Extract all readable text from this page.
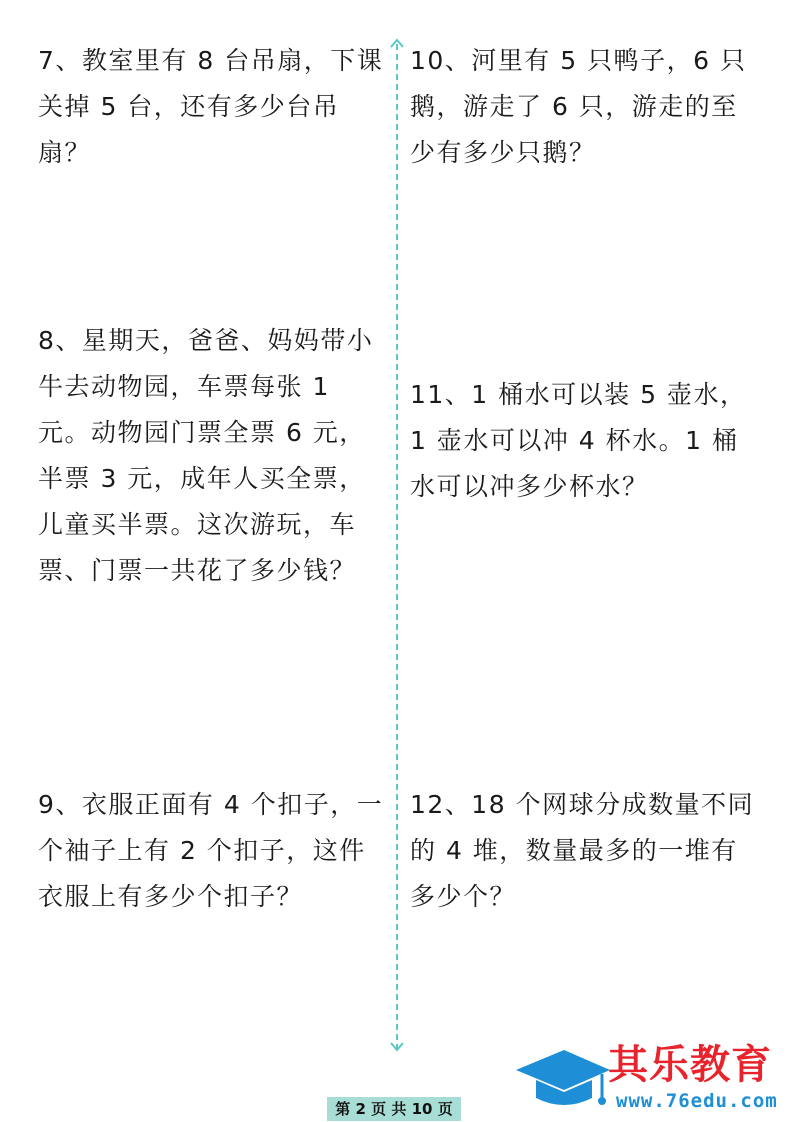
7、教室里有 8 台吊扇，下课关掉 5 台，还有多少台吊扇？

8、星期天，爸爸、妈妈带小牛去动物园，车票每张 1 元。动物园门票全票 6 元，半票 3 元，成年人买全票，儿童买半票。这次游玩，车票、门票一共花了多少钱？

9、衣服正面有 4 个扣子，一个袖子上有 2 个扣子，这件衣服上有多少个扣子？

10、河里有 5 只鸭子，6 只鹅，游走了 6 只，游走的至少有多少只鹅？

11、1 桶水可以装 5 壶水，1 壶水可以冲 4 杯水。1 桶水可以冲多少杯水？

12、18 个网球分成数量不同的 4 堆，数量最多的一堆有多少个？

第 2 页 共 10 页
其乐教育
www.76edu.com
